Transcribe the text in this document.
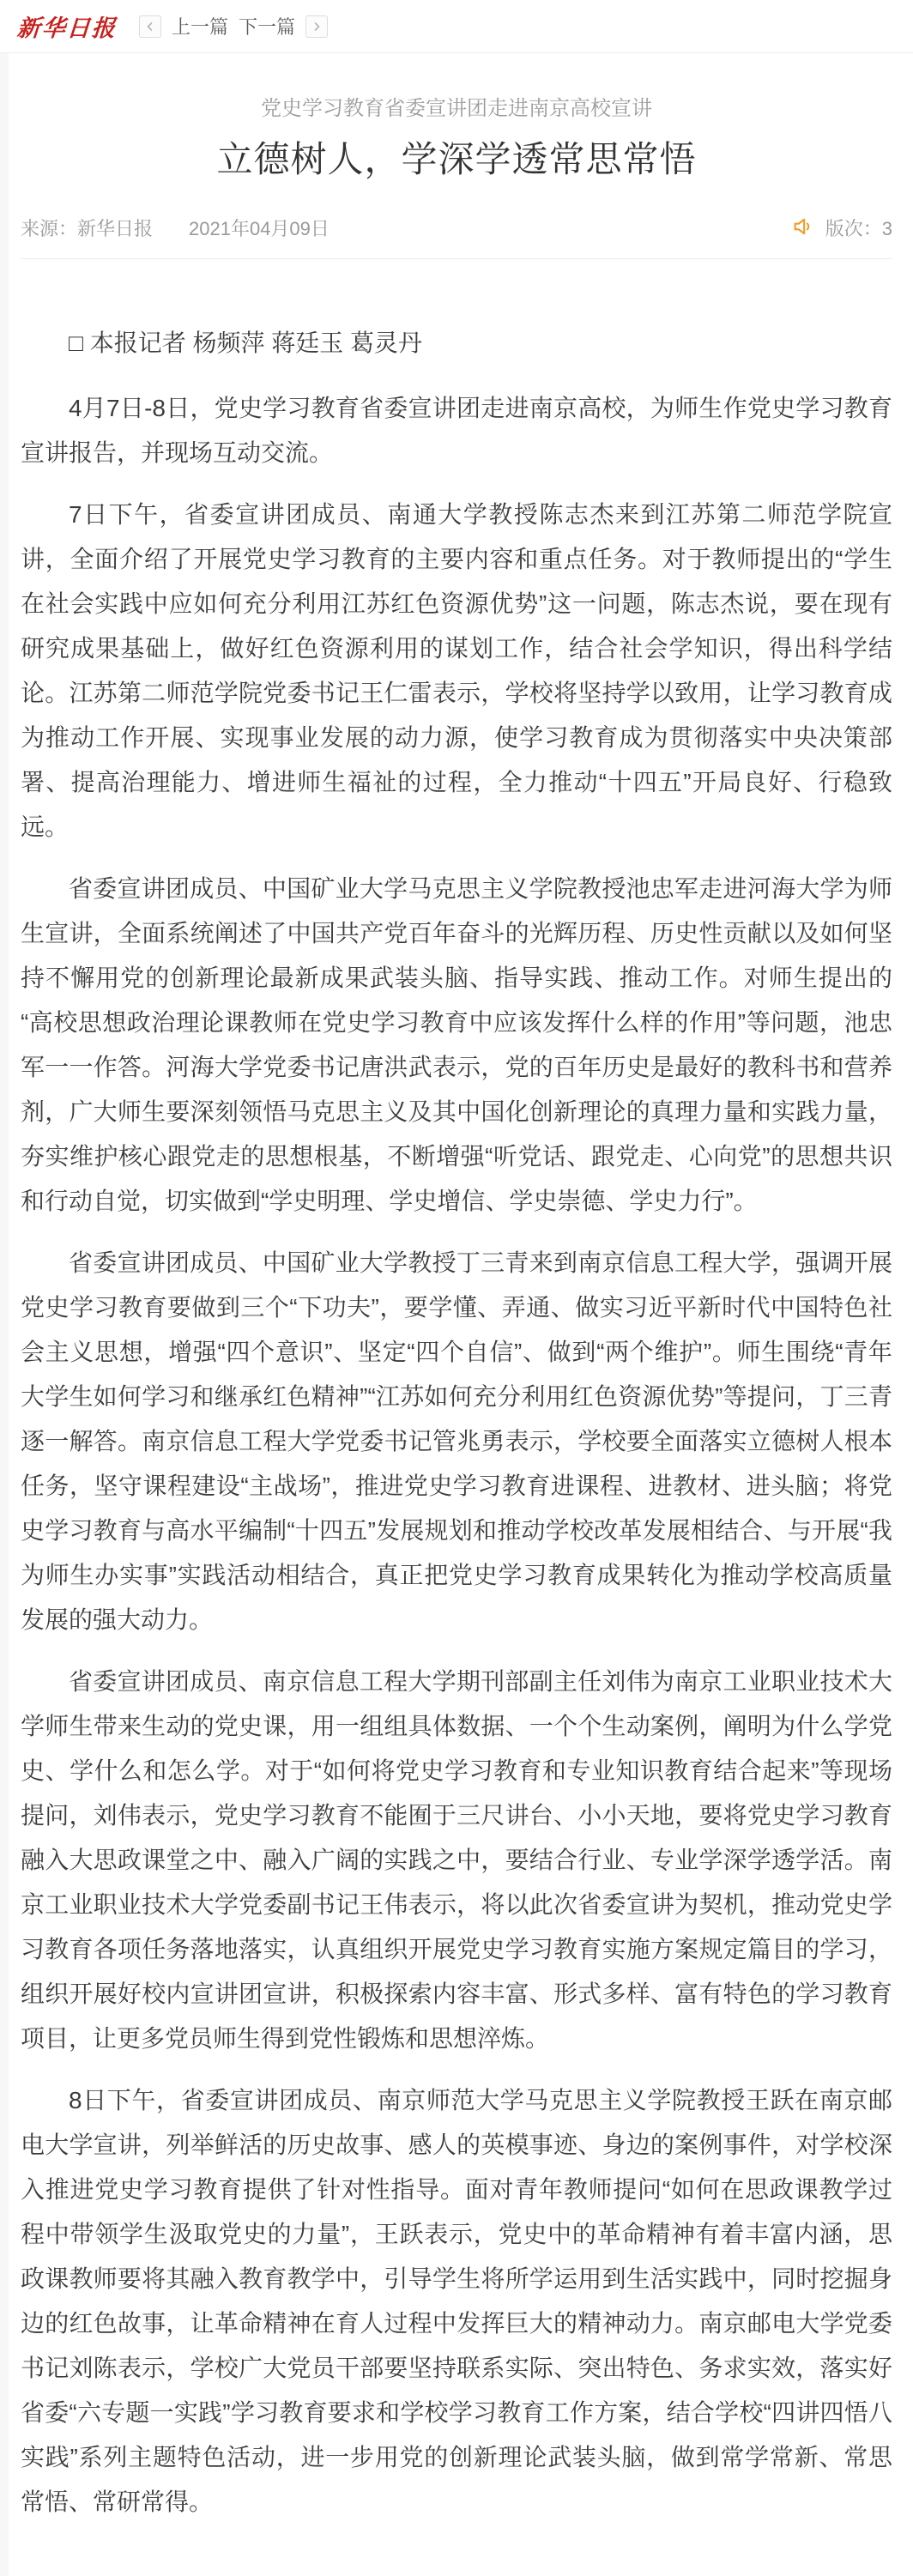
新华日报	上一篇 下一篇
党史学习教育省委宣讲团走进南京高校宣讲
立德树人，学深学透常思常悟
来源：新华日报 2021年04月09日	版次：3

□ 本报记者 杨频萍 蒋廷玉 葛灵丹

4月7日-8日，党史学习教育省委宣讲团走进南京高校，为师生作党史学习教育宣讲报告，并现场互动交流。

7日下午，省委宣讲团成员、南通大学教授陈志杰来到江苏第二师范学院宣讲，全面介绍了开展党史学习教育的主要内容和重点任务。对于教师提出的“学生在社会实践中应如何充分利用江苏红色资源优势”这一问题，陈志杰说，要在现有研究成果基础上，做好红色资源利用的谋划工作，结合社会学知识，得出科学结论。江苏第二师范学院党委书记王仁雷表示，学校将坚持学以致用，让学习教育成为推动工作开展、实现事业发展的动力源，使学习教育成为贯彻落实中央决策部署、提高治理能力、增进师生福祉的过程，全力推动“十四五”开局良好、行稳致远。

省委宣讲团成员、中国矿业大学马克思主义学院教授池忠军走进河海大学为师生宣讲，全面系统阐述了中国共产党百年奋斗的光辉历程、历史性贡献以及如何坚持不懈用党的创新理论最新成果武装头脑、指导实践、推动工作。对师生提出的“高校思想政治理论课教师在党史学习教育中应该发挥什么样的作用”等问题，池忠军一一作答。河海大学党委书记唐洪武表示，党的百年历史是最好的教科书和营养剂，广大师生要深刻领悟马克思主义及其中国化创新理论的真理力量和实践力量，夯实维护核心跟党走的思想根基，不断增强“听党话、跟党走、心向党”的思想共识和行动自觉，切实做到“学史明理、学史增信、学史崇德、学史力行”。

省委宣讲团成员、中国矿业大学教授丁三青来到南京信息工程大学，强调开展党史学习教育要做到三个“下功夫”，要学懂、弄通、做实习近平新时代中国特色社会主义思想，增强“四个意识”、坚定“四个自信”、做到“两个维护”。师生围绕“青年大学生如何学习和继承红色精神”“江苏如何充分利用红色资源优势”等提问，丁三青逐一解答。南京信息工程大学党委书记管兆勇表示，学校要全面落实立德树人根本任务，坚守课程建设“主战场”，推进党史学习教育进课程、进教材、进头脑；将党史学习教育与高水平编制“十四五”发展规划和推动学校改革发展相结合、与开展“我为师生办实事”实践活动相结合，真正把党史学习教育成果转化为推动学校高质量发展的强大动力。

省委宣讲团成员、南京信息工程大学期刊部副主任刘伟为南京工业职业技术大学师生带来生动的党史课，用一组组具体数据、一个个生动案例，阐明为什么学党史、学什么和怎么学。对于“如何将党史学习教育和专业知识教育结合起来”等现场提问，刘伟表示，党史学习教育不能囿于三尺讲台、小小天地，要将党史学习教育融入大思政课堂之中、融入广阔的实践之中，要结合行业、专业学深学透学活。南京工业职业技术大学党委副书记王伟表示，将以此次省委宣讲为契机，推动党史学习教育各项任务落地落实，认真组织开展党史学习教育实施方案规定篇目的学习，组织开展好校内宣讲团宣讲，积极探索内容丰富、形式多样、富有特色的学习教育项目，让更多党员师生得到党性锻炼和思想淬炼。

8日下午，省委宣讲团成员、南京师范大学马克思主义学院教授王跃在南京邮电大学宣讲，列举鲜活的历史故事、感人的英模事迹、身边的案例事件，对学校深入推进党史学习教育提供了针对性指导。面对青年教师提问“如何在思政课教学过程中带领学生汲取党史的力量”，王跃表示，党史中的革命精神有着丰富内涵，思政课教师要将其融入教育教学中，引导学生将所学运用到生活实践中，同时挖掘身边的红色故事，让革命精神在育人过程中发挥巨大的精神动力。南京邮电大学党委书记刘陈表示，学校广大党员干部要坚持联系实际、突出特色、务求实效，落实好省委“六专题一实践”学习教育要求和学校学习教育工作方案，结合学校“四讲四悟八实践”系列主题特色活动，进一步用党的创新理论武装头脑，做到常学常新、常思常悟、常研常得。
